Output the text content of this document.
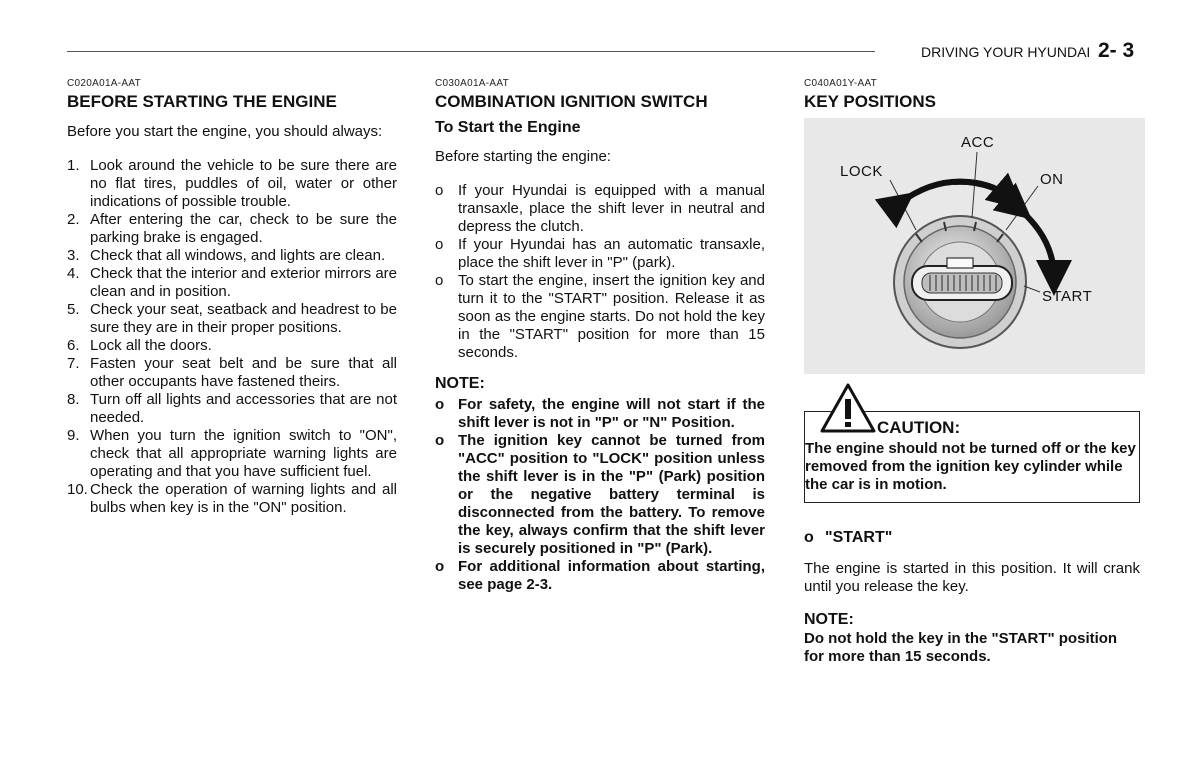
DRIVING YOUR HYUNDAI 2- 3
C020A01A-AAT
BEFORE STARTING THE ENGINE
Before you start the engine, you should always:
1. Look around the vehicle to be sure there are no flat tires, puddles of oil, water or other indications of possible trouble.
2. After entering the car, check to be sure the parking brake is engaged.
3. Check that all windows, and lights are clean.
4. Check that the interior and exterior mirrors are clean and in position.
5. Check your seat, seatback and headrest to be sure they are in their proper positions.
6. Lock all the doors.
7. Fasten your seat belt and be sure that all other occupants have fastened theirs.
8. Turn off all lights and accessories that are not needed.
9. When you turn the ignition switch to "ON", check that all appropriate warning lights are operating and that you have sufficient fuel.
10. Check the operation of warning lights and all bulbs when key is in the "ON" position.
C030A01A-AAT
COMBINATION IGNITION SWITCH
To Start the Engine
Before starting the engine:
o If your Hyundai is equipped with a manual transaxle, place the shift lever in neutral and depress the clutch.
o If your Hyundai has an automatic transaxle, place the shift lever in "P" (park).
o To start the engine, insert the ignition key and turn it to the "START" position. Release it as soon as the engine starts. Do not hold the key in the "START" position for more than 15 seconds.
NOTE:
o For safety, the engine will not start if the shift lever is not in "P" or "N" Position.
o The ignition key cannot be turned from "ACC" position to "LOCK" position unless the shift lever is in the "P" (Park) position or the negative battery terminal is disconnected from the battery. To remove the key, always confirm that the shift lever is securely positioned in "P" (Park).
o For additional information about starting, see page 2-3.
C040A01Y-AAT
KEY POSITIONS
ACC
LOCK	ON
START
CAUTION:
The engine should not be turned off or the key removed from the ignition key cylinder while the car is in motion.
o "START"
The engine is started in this position. It will crank until you release the key.
NOTE:
Do not hold the key in the "START" position for more than 15 seconds.
